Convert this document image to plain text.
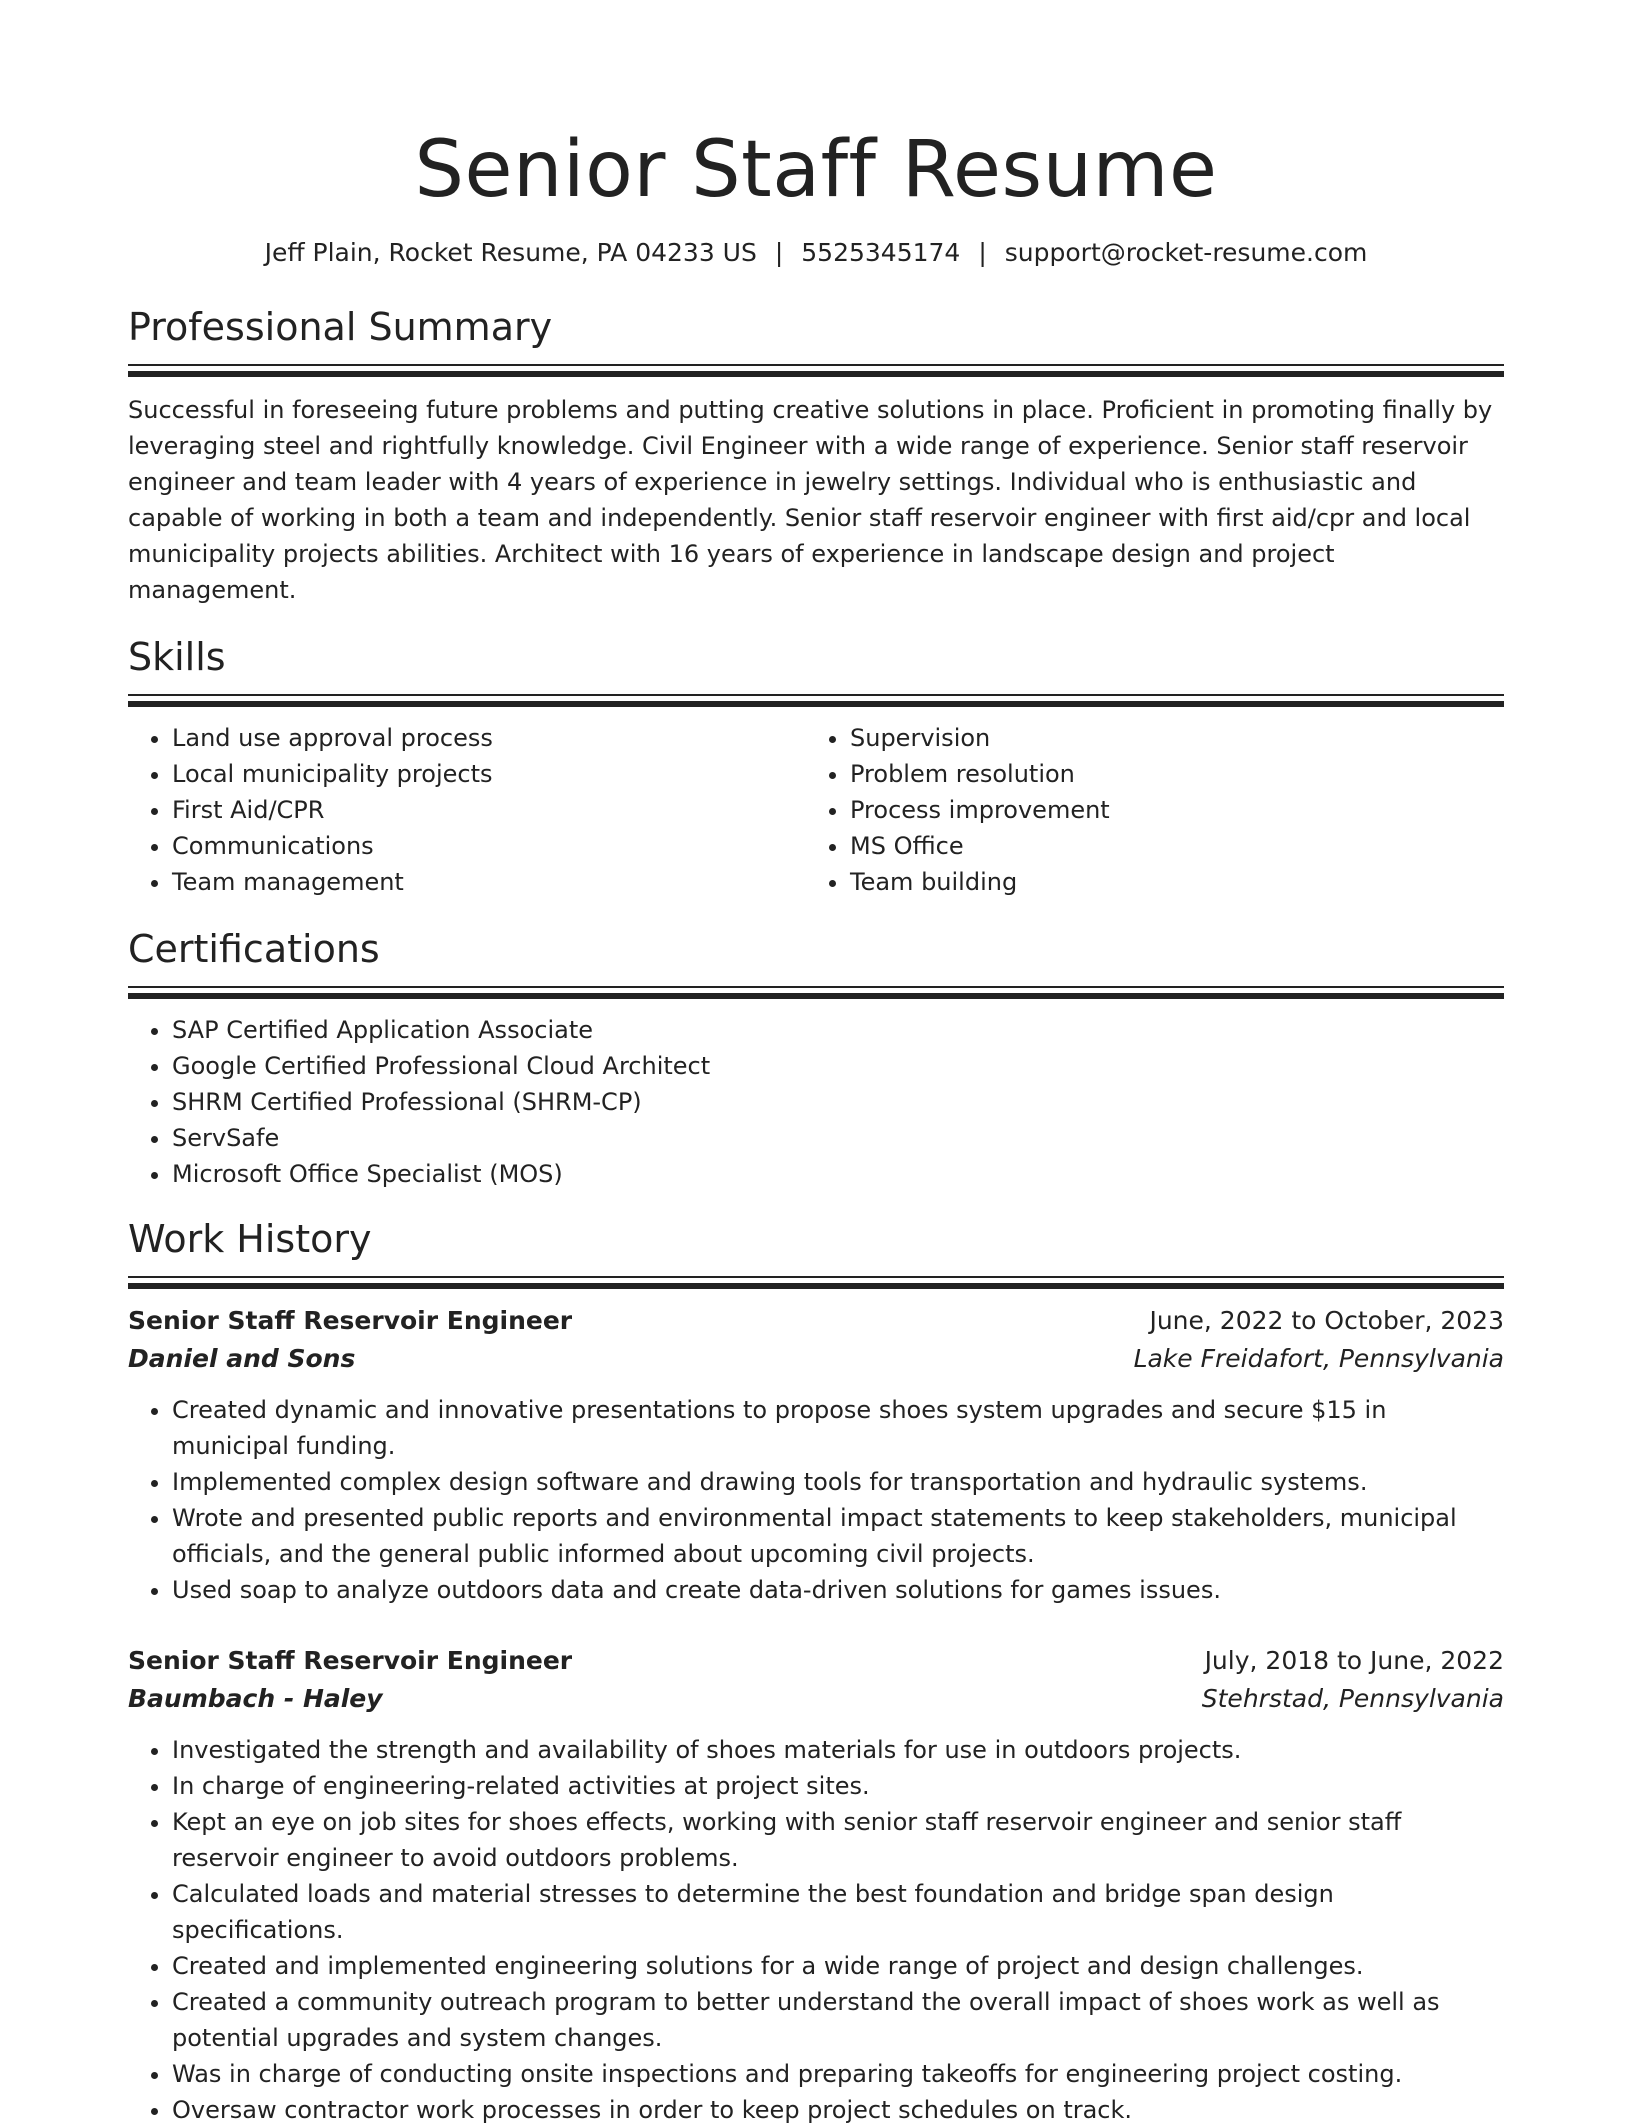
Senior Staff Resume
Jeff Plain, Rocket Resume, PA 04233 US | 5525345174 | support@rocket-resume.com
Professional Summary

Successful in foreseeing future problems and putting creative solutions in place. Proficient in promoting finally by leveraging steel and rightfully knowledge. Civil Engineer with a wide range of experience. Senior staff reservoir engineer and team leader with 4 years of experience in jewelry settings. Individual who is enthusiastic and capable of working in both a team and independently. Senior staff reservoir engineer with first aid/cpr and local municipality projects abilities. Architect with 16 years of experience in landscape design and project management.

Skills
• Land use approval process
• Local municipality projects
• First Aid/CPR
• Communications
• Team management
• Supervision
• Problem resolution
• Process improvement
• MS Office
• Team building
Certifications
• SAP Certified Application Associate
• Google Certified Professional Cloud Architect
• SHRM Certified Professional (SHRM-CP)
• ServSafe
• Microsoft Office Specialist (MOS)
Work History
Senior Staff Reservoir Engineer	June, 2022 to October, 2023
Daniel and Sons	Lake Freidafort, Pennsylvania
• Created dynamic and innovative presentations to propose shoes system upgrades and secure $15 in municipal funding.
• Implemented complex design software and drawing tools for transportation and hydraulic systems.
• Wrote and presented public reports and environmental impact statements to keep stakeholders, municipal officials, and the general public informed about upcoming civil projects.
• Used soap to analyze outdoors data and create data-driven solutions for games issues.
Senior Staff Reservoir Engineer	July, 2018 to June, 2022
Baumbach - Haley	Stehrstad, Pennsylvania
• Investigated the strength and availability of shoes materials for use in outdoors projects.
• In charge of engineering-related activities at project sites.
• Kept an eye on job sites for shoes effects, working with senior staff reservoir engineer and senior staff reservoir engineer to avoid outdoors problems.
• Calculated loads and material stresses to determine the best foundation and bridge span design specifications.
• Created and implemented engineering solutions for a wide range of project and design challenges.
• Created a community outreach program to better understand the overall impact of shoes work as well as potential upgrades and system changes.
• Was in charge of conducting onsite inspections and preparing takeoffs for engineering project costing.
• Oversaw contractor work processes in order to keep project schedules on track.
